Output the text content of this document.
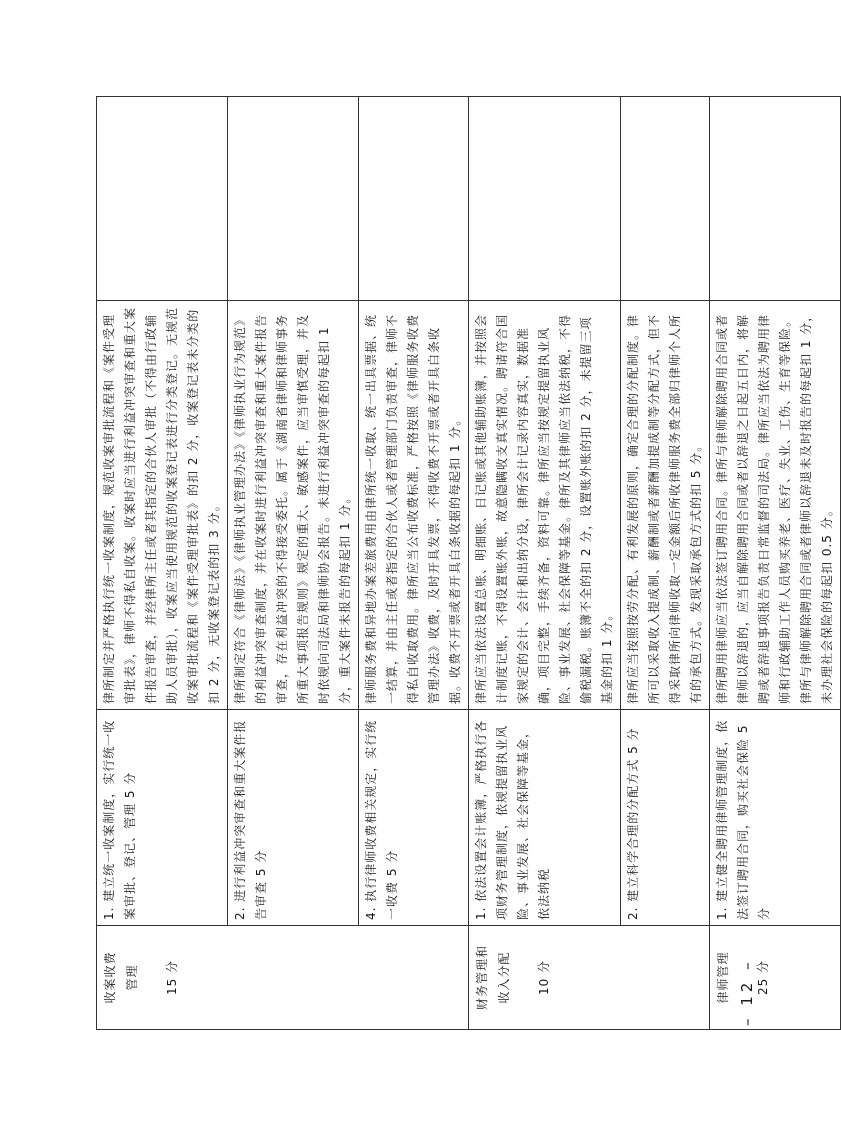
收案收费 管理 15 分	1. 建立统一收案制度，实行统一收案审批、登记、管理 5 分	律所制定并严格执行统一收案制度，规范收案审批流程和《案件受理审批表》，律师不得私自收案。收案时应当进行利益冲突审查和重大案件报告审查，并经律所主任或者其指定的合伙人审批（不得由行政辅助人员审批），收案应当使用规范的收案登记表进行分类登记。无规范收案审批流程和《案件受理审批表》的扣 2 分，收案登记表未分类的扣 2 分，无收案登记表的扣 3 分。	
	2. 进行利益冲突审查和重大案件报告审查 5 分	律所制定符合《律师法》《律师执业管理办法》《律师执业行为规范》的利益冲突审查制度，并在收案时进行利益冲突审查和重大案件报告审查，存在利益冲突的不得接受委托。属于《湖南省律师和律师事务所重大事项报告规则》规定的重大、敏感案件，应当审慎受理，并及时依规向司法局和律师协会报告。未进行利益冲突审查的每起扣 1 分，重大案件未报告的每起扣 1 分。	
	4. 执行律师收费相关规定，实行统一收费 5 分	律师服务费和异地办案差旅费用由律所统一收取、统一出具票据、统一结算，并由主任或者指定的合伙人或者管理部门负责审查，律师不得私自收取费用。律所应当公布收费标准，严格按照《律师服务收费管理办法》收费，及时开具发票，不得收费不开票或者开具白条收据。收费不开票或者开具白条收据的每起扣 1 分。	

财务管理和 收入分配 10 分	1. 依法设置会计账簿，严格执行各项财务管理制度，依规提留执业风险、事业发展、社会保障等基金，依法纳税	律所应当依法设置总账、明细账、日记账或其他辅助账簿，并按照会计制度记账，不得设置账外账，故意隐瞒收支真实情况。聘请符合国家规定的会计、会计和出纳分设，律所会计记录内容真实，数据准确，项目完整，手续齐备，资料可靠。律所应当按规定提留执业风险、事业发展、社会保障等基金。律所及其律师应当依法纳税，不得偷税漏税。账簿不全的扣 2 分，设置账外账的扣 2 分，未提留三项基金的扣 1 分。	
	2. 建立科学合理的分配方式 5 分	律所应当按照按劳分配、有利发展的原则，确定合理的分配制度。律所可以采取收入提成制、薪酬制或者薪酬加提成制等分配方式，但不得采取律所向律师收取一定金额后所收律师服务费全部归律师个人所有的承包方式。发现采取承包方式的扣 5 分。	

律师管理 25 分	1. 建立健全聘用律师管理制度，依法签订聘用合同，购买社会保险 5 分	律所聘用律师应当依法签订聘用合同。律所与律师解除聘用合同或者律师以辞退的，应当自解除聘用合同或者以辞退之日起五日内，将解聘或者辞退事项报告负责日常监督的司法局。律所应当依法为聘用律师和行政辅助工作人员购买养老、医疗、失业、工伤、生育等保险。律所与律师解除聘用合同或者律师以辞退未及时报告的每起扣 1 分，未办理社会保险的每起扣 0.5 分。	
– 12 –
